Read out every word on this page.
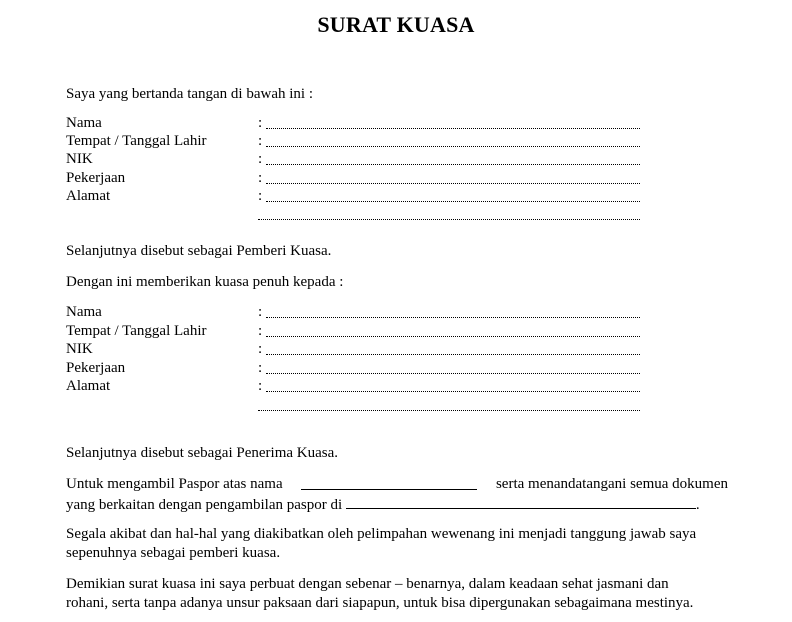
SURAT KUASA
Saya yang bertanda tangan di bawah ini :
Nama	:
Tempat / Tanggal Lahir	:
NIK	:
Pekerjaan	:
Alamat	:
Selanjutnya disebut sebagai Pemberi Kuasa.
Dengan ini memberikan kuasa penuh kepada :
Nama	:
Tempat / Tanggal Lahir	:
NIK	:
Pekerjaan	:
Alamat	:
Selanjutnya disebut sebagai Penerima Kuasa.
Untuk mengambil Paspor atas nama	serta menandatangani semua dokumen
yang berkaitan dengan pengambilan paspor di	.
Segala akibat dan hal-hal yang diakibatkan oleh pelimpahan wewenang ini menjadi tanggung jawab saya
sepenuhnya sebagai pemberi kuasa.
Demikian surat kuasa ini saya perbuat dengan sebenar – benarnya, dalam keadaan sehat jasmani dan
rohani, serta tanpa adanya unsur paksaan dari siapapun, untuk bisa dipergunakan sebagaimana mestinya.
